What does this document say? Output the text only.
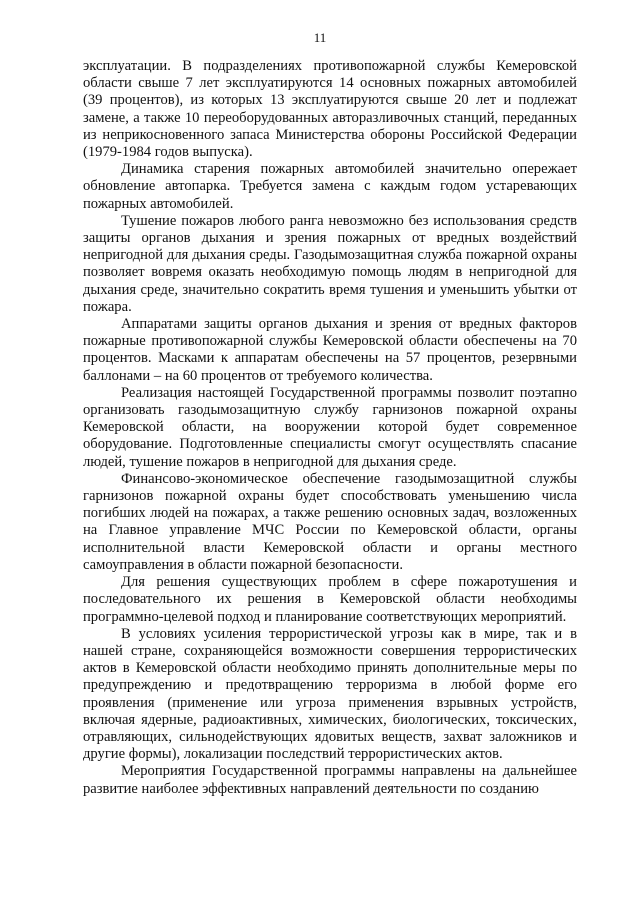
11

эксплуатации. В подразделениях противопожарной службы Кемеровской области свыше 7 лет эксплуатируются 14 основных пожарных автомобилей (39 процентов), из которых 13 эксплуатируются свыше 20 лет и подлежат замене, а также 10 переоборудованных авторазливочных станций, переданных из неприкосновенного запаса Министерства обороны Российской Федерации (1979-1984 годов выпуска).

Динамика старения пожарных автомобилей значительно опережает обновление автопарка. Требуется замена с каждым годом устаревающих пожарных автомобилей.

Тушение пожаров любого ранга невозможно без использования средств защиты органов дыхания и зрения пожарных от вредных воздействий непригодной для дыхания среды. Газодымозащитная служба пожарной охраны позволяет вовремя оказать необходимую помощь людям в непригодной для дыхания среде, значительно сократить время тушения и уменьшить убытки от пожара.

Аппаратами защиты органов дыхания и зрения от вредных факторов пожарные противопожарной службы Кемеровской области обеспечены на 70 процентов. Масками к аппаратам обеспечены на 57 процентов, резервными баллонами – на 60 процентов от требуемого количества.

Реализация настоящей Государственной программы позволит поэтапно организовать газодымозащитную службу гарнизонов пожарной охраны Кемеровской области, на вооружении которой будет современное оборудование. Подготовленные специалисты смогут осуществлять спасание людей, тушение пожаров в непригодной для дыхания среде.

Финансово-экономическое обеспечение газодымозащитной службы гарнизонов пожарной охраны будет способствовать уменьшению числа погибших людей на пожарах, а также решению основных задач, возложенных на Главное управление МЧС России по Кемеровской области, органы исполнительной власти Кемеровской области и органы местного самоуправления в области пожарной безопасности.

Для решения существующих проблем в сфере пожаротушения и последовательного их решения в Кемеровской области необходимы программно-целевой подход и планирование соответствующих мероприятий.

В условиях усиления террористической угрозы как в мире, так и в нашей стране, сохраняющейся возможности совершения террористических актов в Кемеровской области необходимо принять дополнительные меры по предупреждению и предотвращению терроризма в любой форме его проявления (применение или угроза применения взрывных устройств, включая ядерные, радиоактивных, химических, биологических, токсических, отравляющих, сильнодействующих ядовитых веществ, захват заложников и другие формы), локализации последствий террористических актов.

Мероприятия Государственной программы направлены на дальнейшее развитие наиболее эффективных направлений деятельности по созданию
